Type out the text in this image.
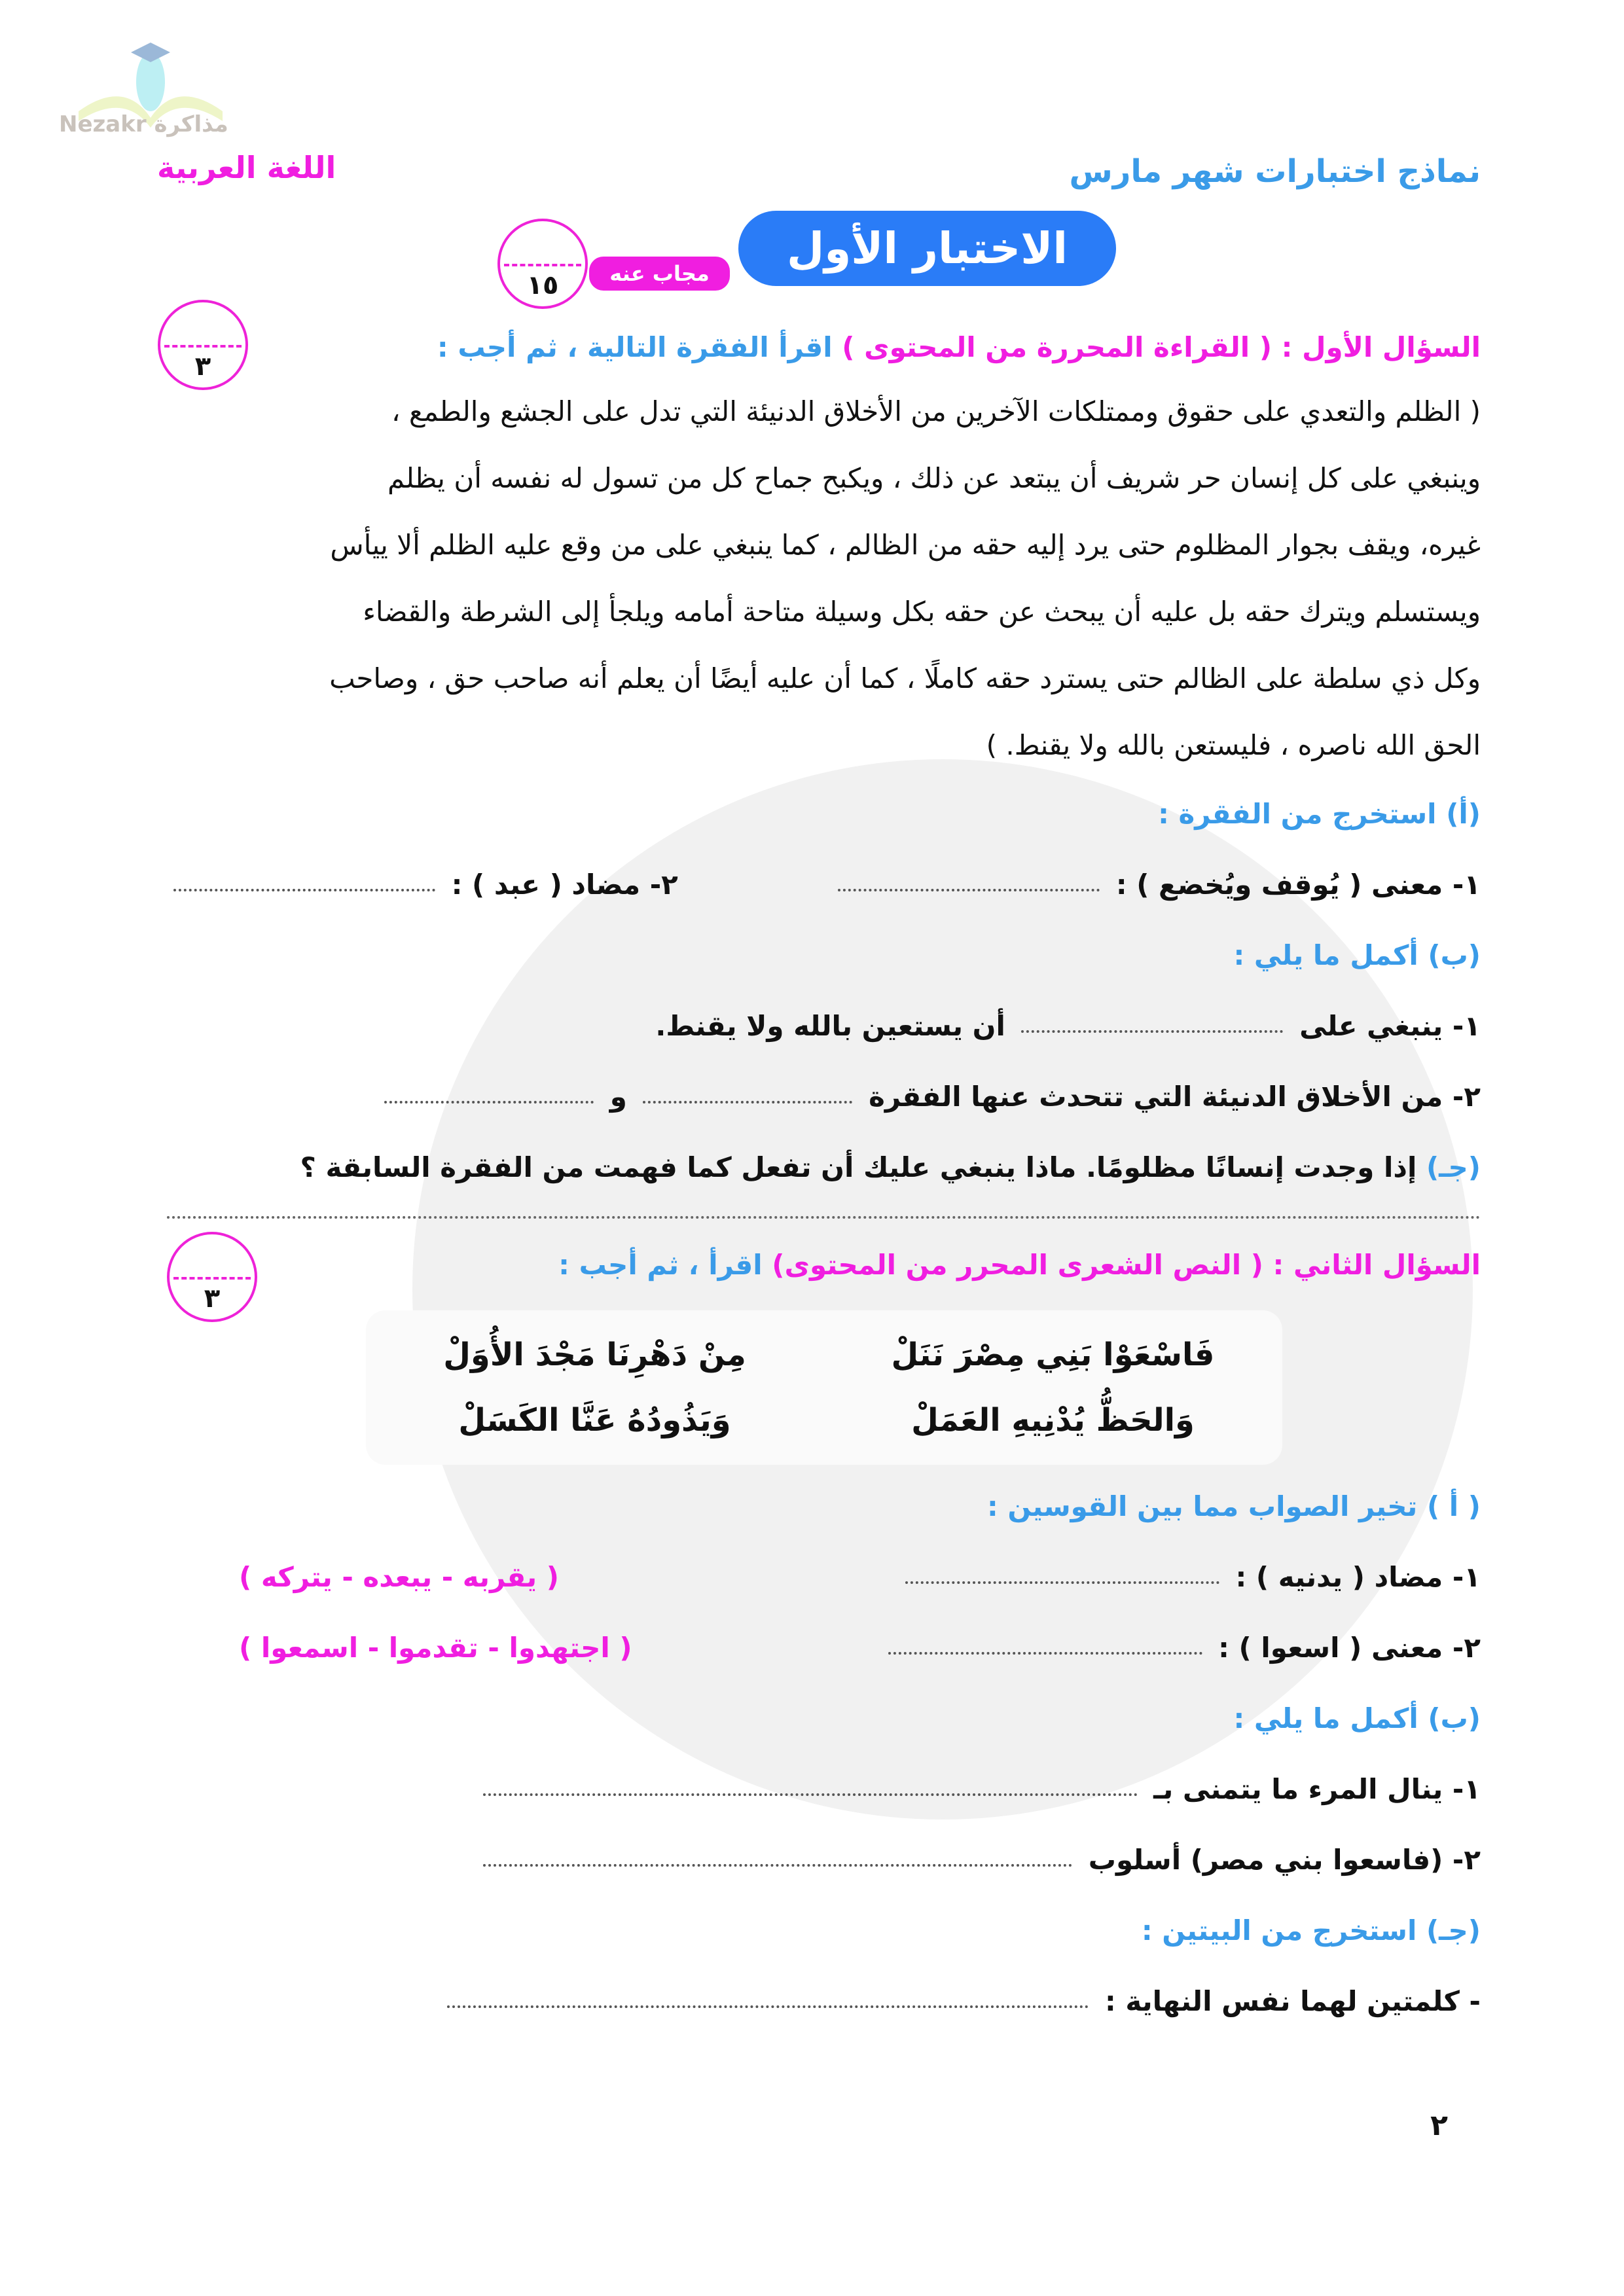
Nezakr مذاكرة
اللغة العربية	نماذج اختبارات شهر مارس
الاختبار الأول
١٥	مجاب عنه
٣
السؤال الأول : ( القراءة المحررة من المحتوى ) اقرأ الفقرة التالية ، ثم أجب :
( الظلم والتعدي على حقوق وممتلكات الآخرين من الأخلاق الدنيئة التي تدل على الجشع والطمع ،
وينبغي على كل إنسان حر شريف أن يبتعد عن ذلك ، ويكبح جماح كل من تسول له نفسه أن يظلم
غيره، ويقف بجوار المظلوم حتى يرد إليه حقه من الظالم ، كما ينبغي على من وقع عليه الظلم ألا ييأس
ويستسلم ويترك حقه بل عليه أن يبحث عن حقه بكل وسيلة متاحة أمامه ويلجأ إلى الشرطة والقضاء
وكل ذي سلطة على الظالم حتى يسترد حقه كاملًا ، كما أن عليه أيضًا أن يعلم أنه صاحب حق ، وصاحب
الحق الله ناصره ، فليستعن بالله ولا يقنط. )
(أ) استخرج من الفقرة :
١- معنى ( يُوقف ويُخضع ) :
٢- مضاد ( عبد ) :
(ب) أكمل ما يلي :
١- ينبغي على  أن يستعين بالله ولا يقنط.
٢- من الأخلاق الدنيئة التي تتحدث عنها الفقرة  و
(جـ) إذا وجدت إنسانًا مظلومًا. ماذا ينبغي عليك أن تفعل كما فهمت من الفقرة السابقة ؟
٣
السؤال الثاني : ( النص الشعرى المحرر من المحتوى) اقرأ ، ثم أجب :
فَاسْعَوْا بَنِي مِصْرَ نَنَلْ
مِنْ دَهْرِنَا مَجْدَ الأُوَلْ
وَالحَظُّ يُدْنِيهِ العَمَلْ
وَيَذُودُهُ عَنَّا الكَسَلْ
( أ ) تخير الصواب مما بين القوسين :
١- مضاد ( يدنيه ) :
( يقربه - يبعده - يتركه )
٢- معنى ( اسعوا ) :
( اجتهدوا - تقدموا - اسمعوا )
(ب) أكمل ما يلي :
١- ينال المرء ما يتمنى بـ
٢- (فاسعوا بني مصر) أسلوب
(جـ) استخرج من البيتين :
- كلمتين لهما نفس النهاية :
٢
